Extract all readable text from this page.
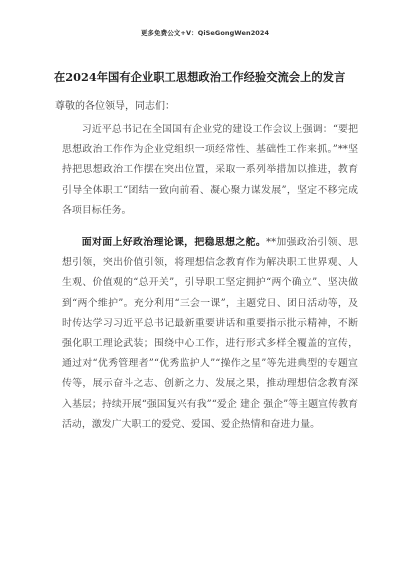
更多免费公文+V：QiSeGongWen2024
在2024年国有企业职工思想政治工作经验交流会上的发言
尊敬的各位领导，同志们：

习近平总书记在全国国有企业党的建设工作会议上强调：“要把思想政治工作作为企业党组织一项经常性、基础性工作来抓。”**坚持把思想政治工作摆在突出位置，采取一系列举措加以推进，教育引导全体职工“团结一致向前看、凝心聚力谋发展”，坚定不移完成各项目标任务。

面对面上好政治理论课，把稳思想之舵。**加强政治引领、思想引领，突出价值引领，将理想信念教育作为解决职工世界观、人生观、价值观的“总开关”，引导职工坚定拥护“两个确立”、坚决做到“两个维护”。充分利用“三会一课”，主题党日、团日活动等，及时传达学习习近平总书记最新重要讲话和重要指示批示精神，不断强化职工理论武装；围绕中心工作，进行形式多样全覆盖的宣传，通过对“优秀管理者”“优秀监护人”“操作之星”等先进典型的专题宣传等，展示奋斗之志、创新之力、发展之果，推动理想信念教育深入基层；持续开展“强国复兴有我”“爱企 建企 强企”等主题宣传教育活动，激发广大职工的爱党、爱国、爱企热情和奋进力量。
